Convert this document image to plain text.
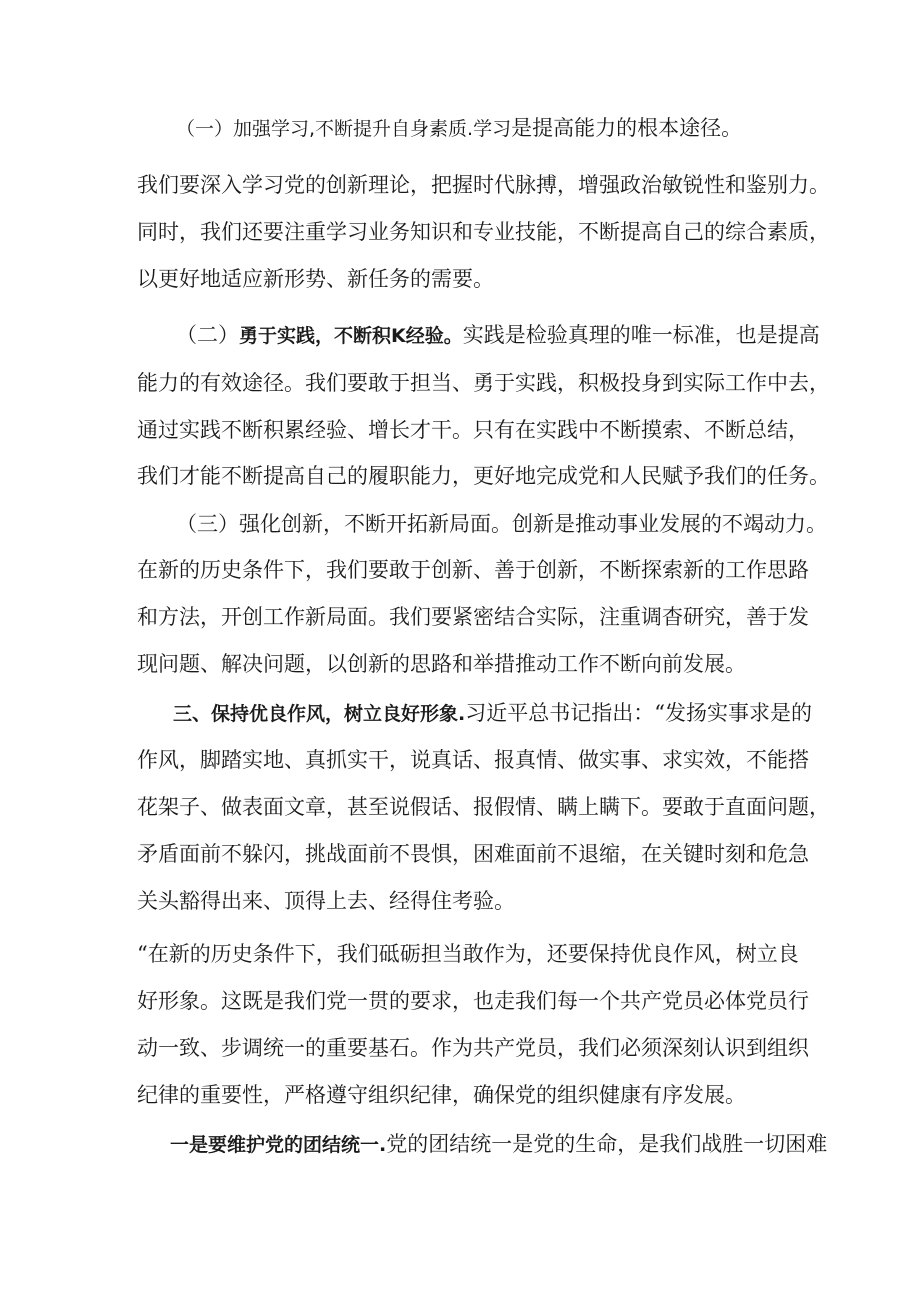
（一）加强学习,不断提升自身素质.学习是提高能力的根本途径。
我们要深入学习党的创新理论，把握时代脉搏，增强政治敏锐性和鉴别力。
同时，我们还要注重学习业务知识和专业技能，不断提高自己的综合素质，
以更好地适应新形势、新任务的需要。
（二）勇于实践，不断积K经验。实践是检验真理的唯一标准，也是提高
能力的有效途径。我们要敢于担当、勇于实践，积极投身到实际工作中去，
通过实践不断积累经验、增长才干。只有在实践中不断摸索、不断总结，
我们才能不断提高自己的履职能力，更好地完成党和人民赋予我们的任务。
（三）强化创新，不断开拓新局面。创新是推动事业发展的不竭动力。
在新的历史条件下，我们要敢于创新、善于创新，不断探索新的工作思路
和方法，开创工作新局面。我们要紧密结合实际，注重调杳研究，善于发
现问题、解决问题，以创新的思路和举措推动工作不断向前发展。
三、保持优良作风，树立良好形象.习近平总书记指出：“发扬实事求是的
作风，脚踏实地、真抓实干，说真话、报真情、做实事、求实效，不能搭
花架子、做表面文章，甚至说假话、报假情、瞒上瞒下。要敢于直面问题，
矛盾面前不躲闪，挑战面前不畏惧，困难面前不退缩，在关键时刻和危急
关头豁得出来、顶得上去、经得住考验。
“在新的历史条件下，我们砥砺担当敢作为，还要保持优良作风，树立良
好形象。这既是我们党一贯的要求，也走我们每一个共产党员必体党员行
动一致、步调统一的重要基石。作为共产党员，我们必须深刻认识到组织
纪律的重要性，严格遵守组织纪律，确保党的组织健康有序发展。
一是要维护党的团结统一.党的团结统一是党的生命，是我们战胜一切困难
